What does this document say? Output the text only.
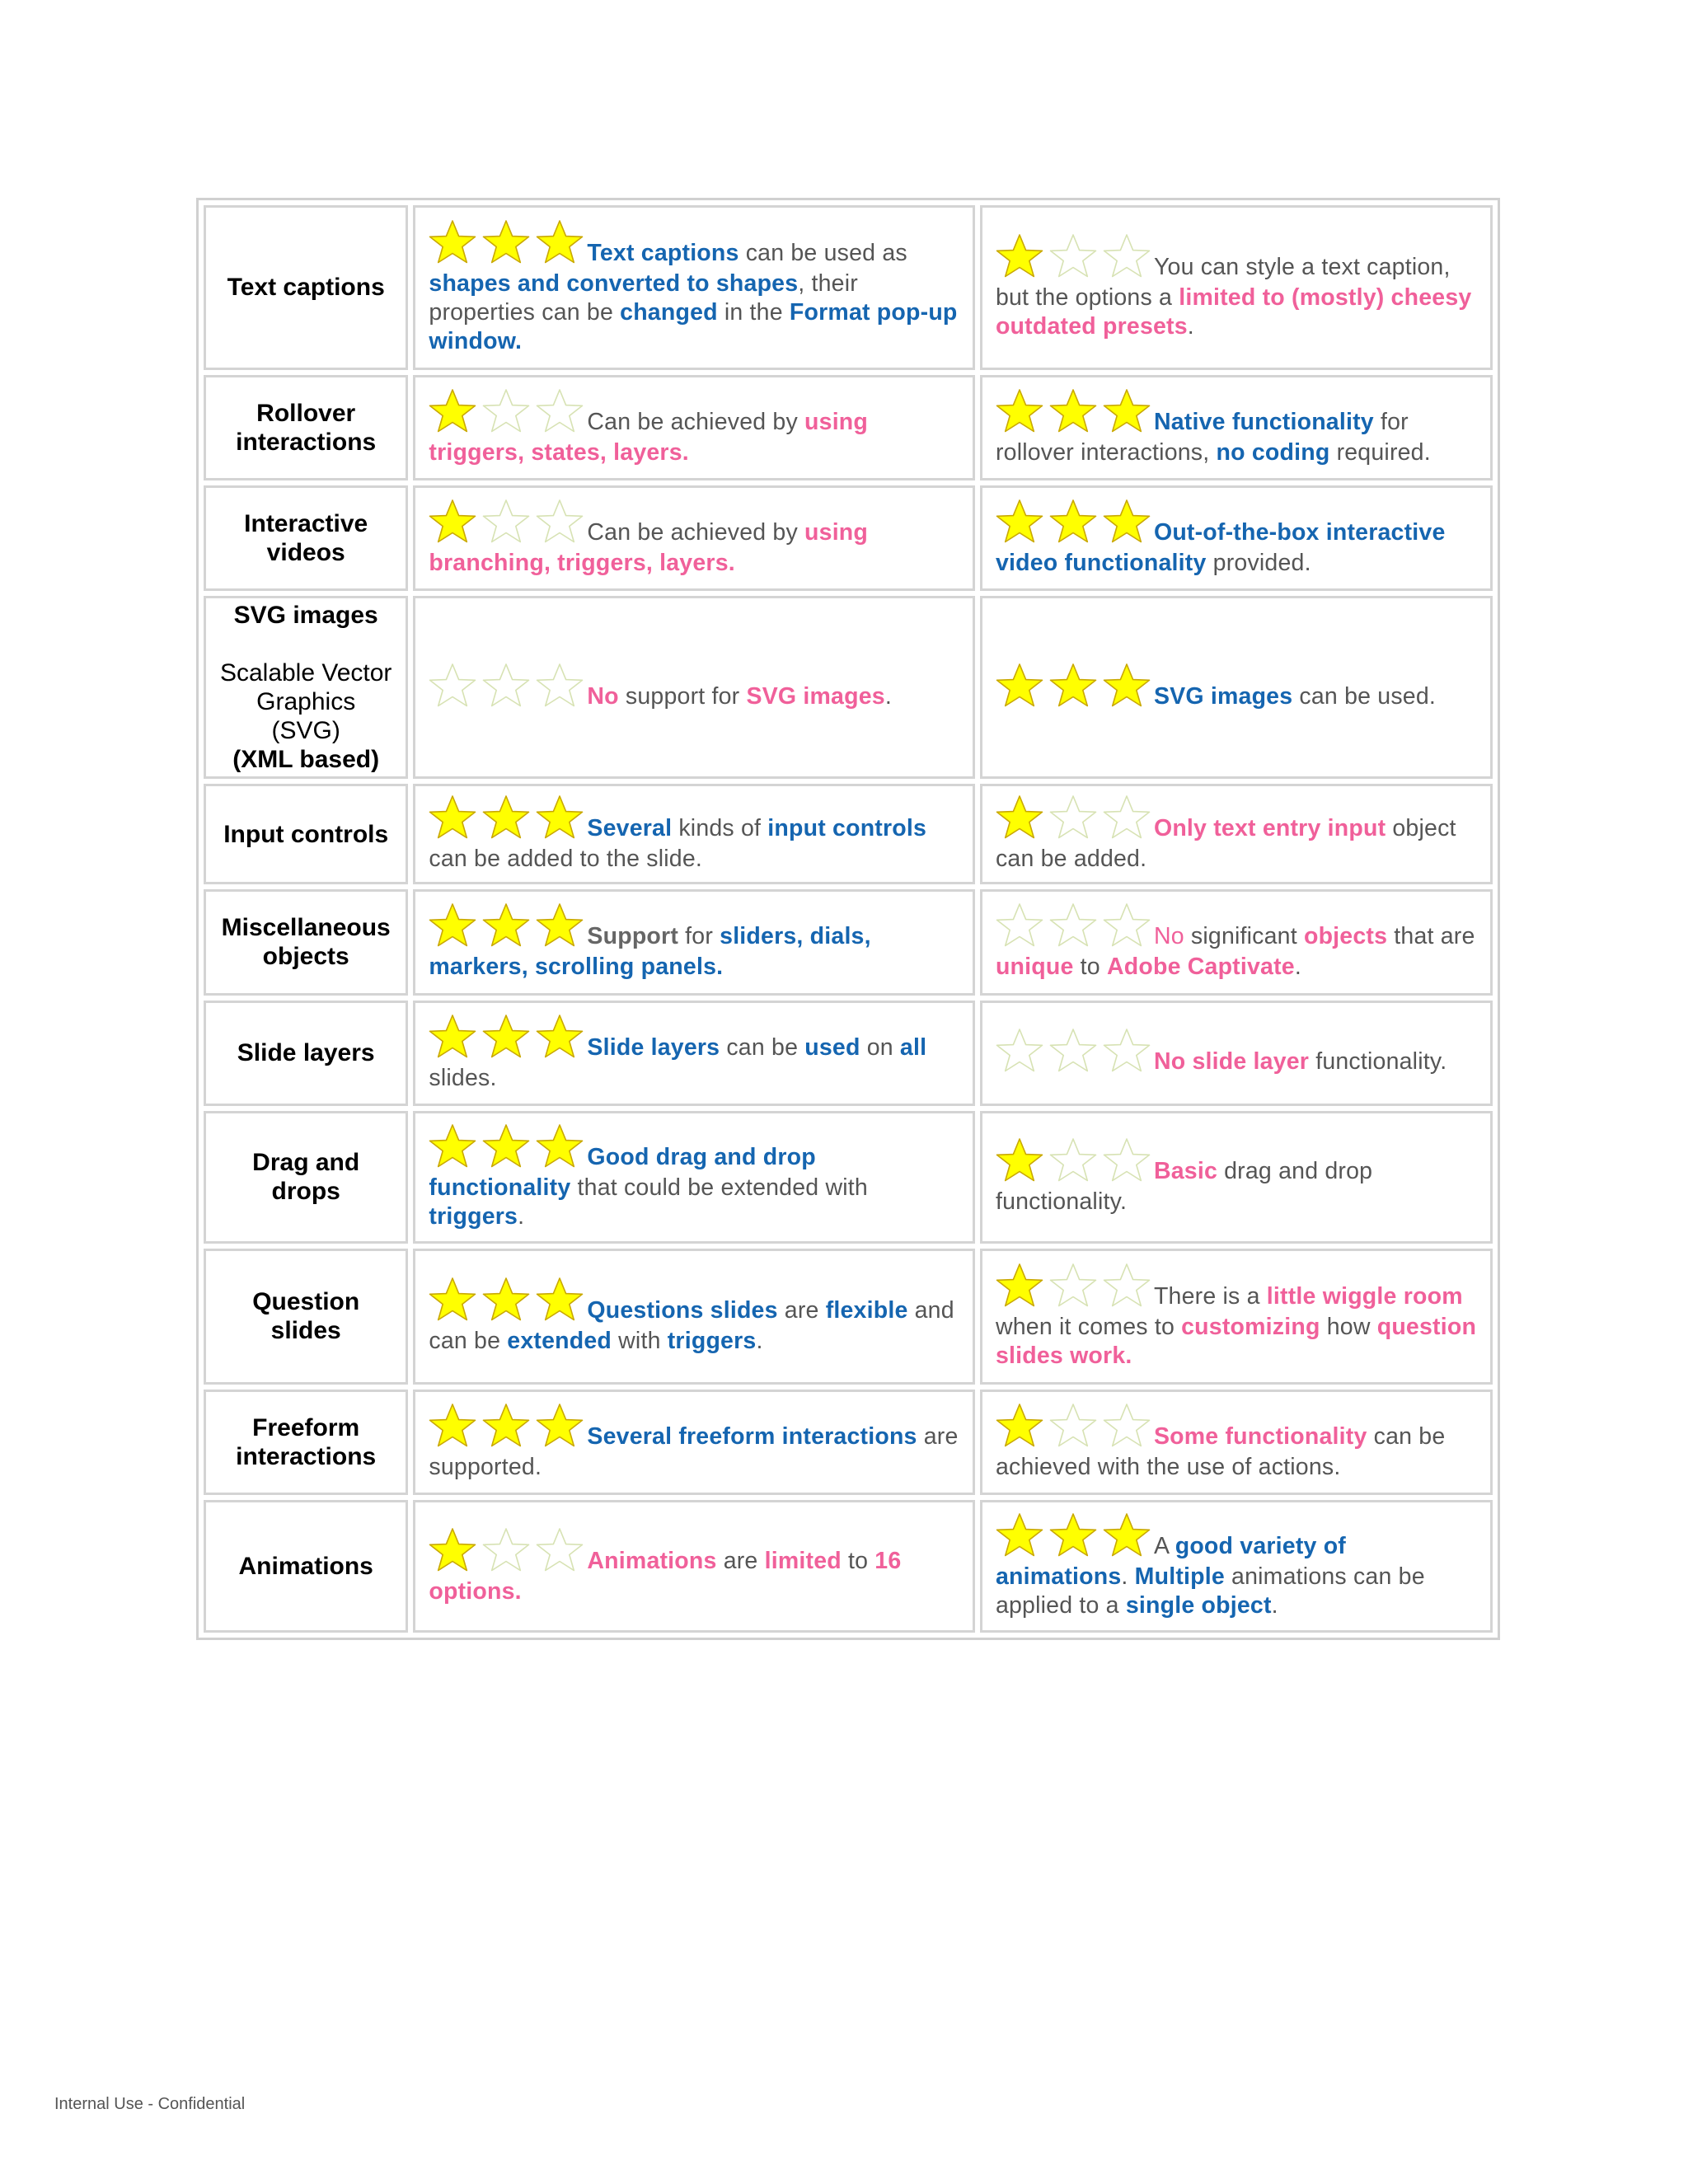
Text captions	Text captions can be used as shapes and converted to shapes, their properties can be changed in the Format pop-up window.	You can style a text caption, but the options a limited to (mostly) cheesy outdated presets.

Rollover interactions	Can be achieved by using triggers, states, layers.	Native functionality for rollover interactions, no coding required.

Interactive videos	Can be achieved by using branching, triggers, layers.	Out-of-the-box interactive video functionality provided.

SVG images
Scalable Vector
Graphics (SVG)
(XML based)	No support for SVG images.	SVG images can be used.

Input controls	Several kinds of input controls can be added to the slide.	Only text entry input object can be added.

Miscellaneous objects	Support for sliders, dials, markers, scrolling panels.	No significant objects that are unique to Adobe Captivate.

Slide layers	Slide layers can be used on all slides.	No slide layer functionality.

Drag and drops	Good drag and drop functionality that could be extended with triggers.	Basic drag and drop functionality.

Question slides	Questions slides are flexible and can be extended with triggers.	There is a little wiggle room when it comes to customizing how question slides work.

Freeform interactions	Several freeform interactions are supported.	Some functionality can be achieved with the use of actions.

Animations	Animations are limited to 16 options.	A good variety of animations. Multiple animations can be applied to a single object.
Internal Use - Confidential
